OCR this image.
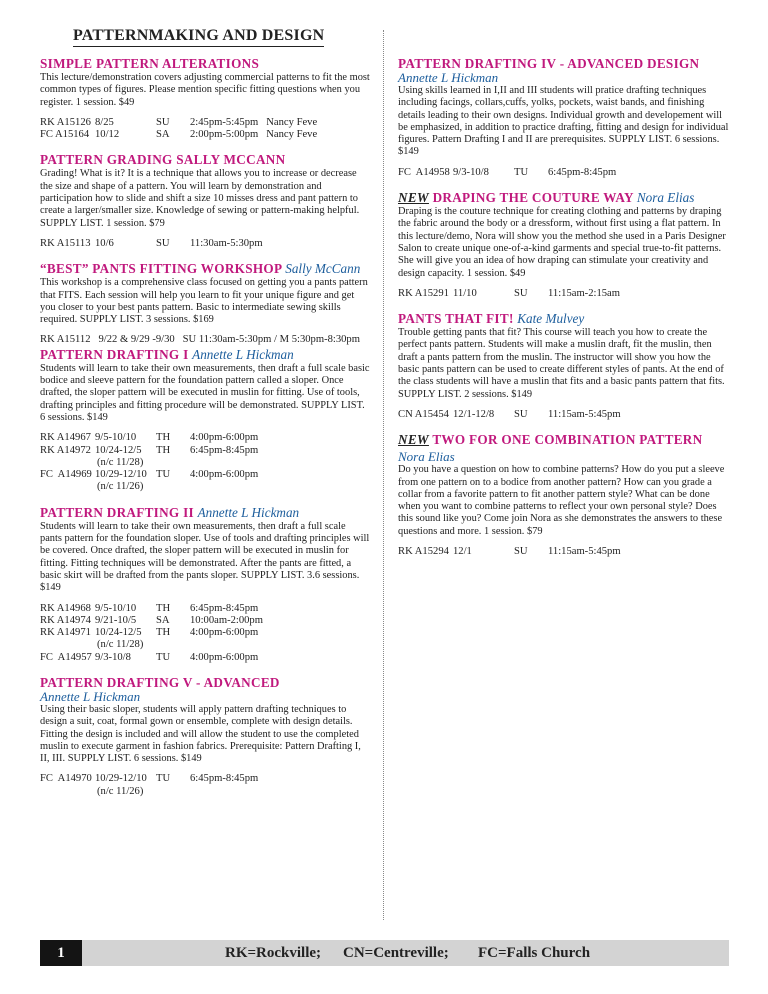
PATTERNMAKING AND DESIGN

SIMPLE PATTERN ALTERATIONS

This lecture/demonstration covers adjusting commercial patterns to fit the most common types of figures. Please mention specific fitting questions when you register. 1 session. $49

RK A15126 8/25	SU	2:45pm-5:45pm Nancy Feve
FC A15164 10/12	SA	2:00pm-5:00pm Nancy Feve

PATTERN GRADING SALLY MCCANN

Grading! What is it? It is a technique that allows you to increase or decrease the size and shape of a pattern. You will learn by demonstration and participation how to slide and shift a size 10 misses dress and pant pattern to create a larger/smaller size. Knowledge of sewing or pattern-making helpful. SUPPLY LIST. 1 session. $79

RK A15113 10/6	SU	11:30am-5:30pm

“BEST” PANTS FITTING WORKSHOP Sally McCann

This workshop is a comprehensive class focused on getting you a pants pattern that FITS. Each session will help you learn to fit your unique figure and get you closer to your best pants pattern. Basic to intermediate sewing skills required. SUPPLY LIST. 3 sessions. $169

RK A15112   9/22 & 9/29 -9/30   SU 11:30am-5:30pm / M 5:30pm-8:30pm

PATTERN DRAFTING I Annette L Hickman

Students will learn to take their own measurements, then draft a full scale basic bodice and sleeve pattern for the foundation pattern called a sloper. Once drafted, the sloper pattern will be executed in muslin for fitting. Use of tools, drafting principles and fitting procedure will be demonstrated. SUPPLY LIST. 6 sessions. $149

RK A14967 9/5-10/10	TH	4:00pm-6:00pm
RK A14972 10/24-12/5	TH	6:45pm-8:45pm
(n/c 11/28)
FC  A14969 10/29-12/10 TU	4:00pm-6:00pm
(n/c 11/26)

PATTERN DRAFTING II Annette L Hickman

Students will learn to take their own measurements, then draft a full scale pants pattern for the foundation sloper. Use of tools and drafting principles will be covered. Once drafted, the sloper pattern will be executed in muslin for fitting. Fitting techniques will be demonstrated. After the pants are fitted, a basic skirt will be drafted from the pants sloper. SUPPLY LIST. 3.6 sessions. $149

RK A14968 9/5-10/10	TH	6:45pm-8:45pm
RK A14974 9/21-10/5	SA	10:00am-2:00pm
RK A14971 10/24-12/5	TH	4:00pm-6:00pm
(n/c 11/28)
FC  A14957 9/3-10/8	TU	4:00pm-6:00pm

PATTERN DRAFTING V - ADVANCED

Annette L Hickman

Using their basic sloper, students will apply pattern drafting techniques to design a suit, coat, formal gown or ensemble, complete with design details. Fitting the design is included and will allow the student to use the completed muslin to execute garment in fashion fabrics. Prerequisite: Pattern Drafting I, II, III. SUPPLY LIST. 6 sessions. $149

FC  A14970 10/29-12/10 TU	6:45pm-8:45pm
(n/c 11/26)

PATTERN DRAFTING IV - ADVANCED DESIGN

Annette L Hickman

Using skills learned in I,II and III students will pratice drafting techniques including facings, collars,cuffs, yolks, pockets, waist bands, and finishing details leading to their own designs. Individual growth and developement will be emphasized, in addition to practice drafting, fitting and design for individual figures. Pattern Drafting I and II are prerequisites. SUPPLY LIST. 6 sessions. $149

FC  A14958 9/3-10/8	TU	6:45pm-8:45pm

NEW DRAPING THE COUTURE WAY Nora Elias

Draping is the couture technique for creating clothing and patterns by draping the fabric around the body or a dressform, without first using a flat pattern. In this lecture/demo, Nora will show you the method she used in a Paris Designer Salon to create unique one-of-a-kind garments and special true-to-fit patterns. She will give you an idea of how draping can stimulate your creativity and design capacity. 1 session. $49

RK A15291 11/10	SU	11:15am-2:15am

PANTS THAT FIT! Kate Mulvey

Trouble getting pants that fit? This course will teach you how to create the perfect pants pattern. Students will make a muslin draft, fit the muslin, then draft a pants pattern from the muslin. The instructor will show you how the basic pants pattern can be used to create different styles of pants. At the end of the class students will have a muslin that fits and a basic pants pattern that fits. SUPPLY LIST. 2 sessions. $149

CN A15454 12/1-12/8	SU	11:15am-5:45pm

NEW TWO FOR ONE COMBINATION PATTERN

Nora Elias

Do you have a question on how to combine patterns? How do you put a sleeve from one pattern on to a bodice from another pattern? How can you grade a collar from a favorite pattern to fit another pattern style? What can be done when you want to combine patterns to reflect your own personal style? Does this sound like you? Come join Nora as she demonstrates the answers to these questions and more. 1 session. $79

RK A15294 12/1	SU	11:15am-5:45pm
1	RK=Rockville; CN=Centreville; FC=Falls Church
